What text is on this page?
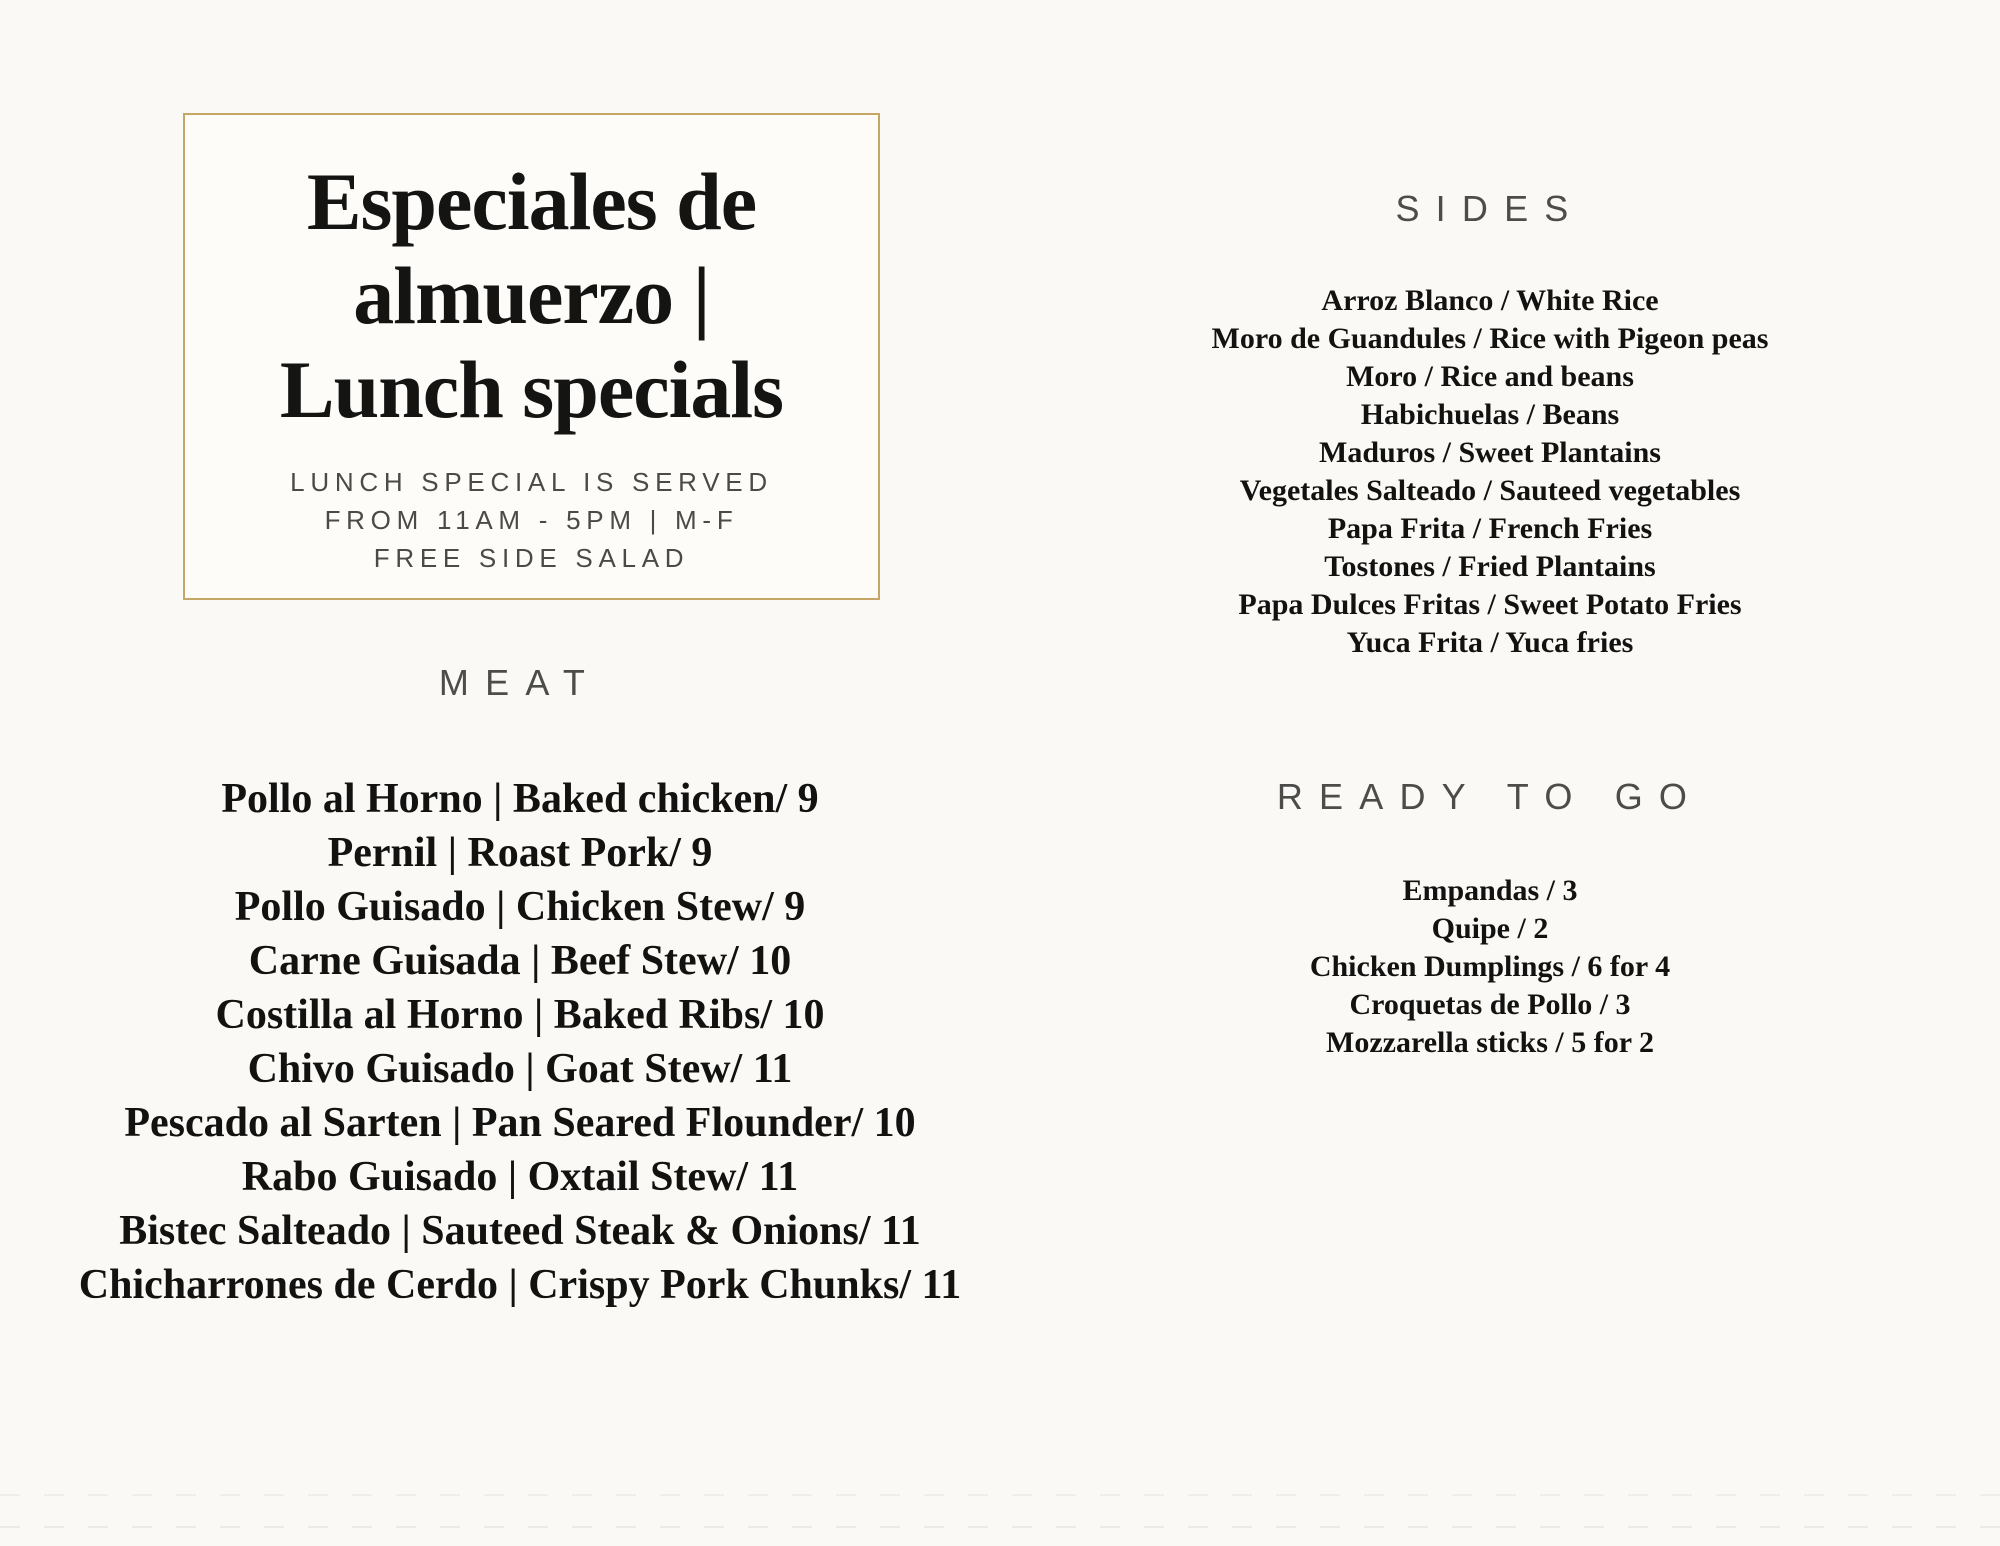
Especiales de
almuerzo |
Lunch specials
LUNCH SPECIAL IS SERVED
FROM 11AM - 5PM | M-F
FREE SIDE SALAD
MEAT
Pollo al Horno | Baked chicken/ 9
Pernil | Roast Pork/ 9
Pollo Guisado | Chicken Stew/ 9
Carne Guisada | Beef Stew/ 10
Costilla al Horno | Baked Ribs/ 10
Chivo Guisado | Goat Stew/ 11
Pescado al Sarten | Pan Seared Flounder/ 10
Rabo Guisado | Oxtail Stew/ 11
Bistec Salteado | Sauteed Steak & Onions/ 11
Chicharrones de Cerdo | Crispy Pork Chunks/ 11
SIDES
Arroz Blanco / White Rice
Moro de Guandules / Rice with Pigeon peas
Moro / Rice and beans
Habichuelas / Beans
Maduros / Sweet Plantains
Vegetales Salteado / Sauteed vegetables
Papa Frita / French Fries
Tostones / Fried Plantains
Papa Dulces Fritas / Sweet Potato Fries
Yuca Frita / Yuca fries
READY TO GO
Empandas / 3
Quipe / 2
Chicken Dumplings / 6 for 4
Croquetas de Pollo / 3
Mozzarella sticks / 5 for 2
